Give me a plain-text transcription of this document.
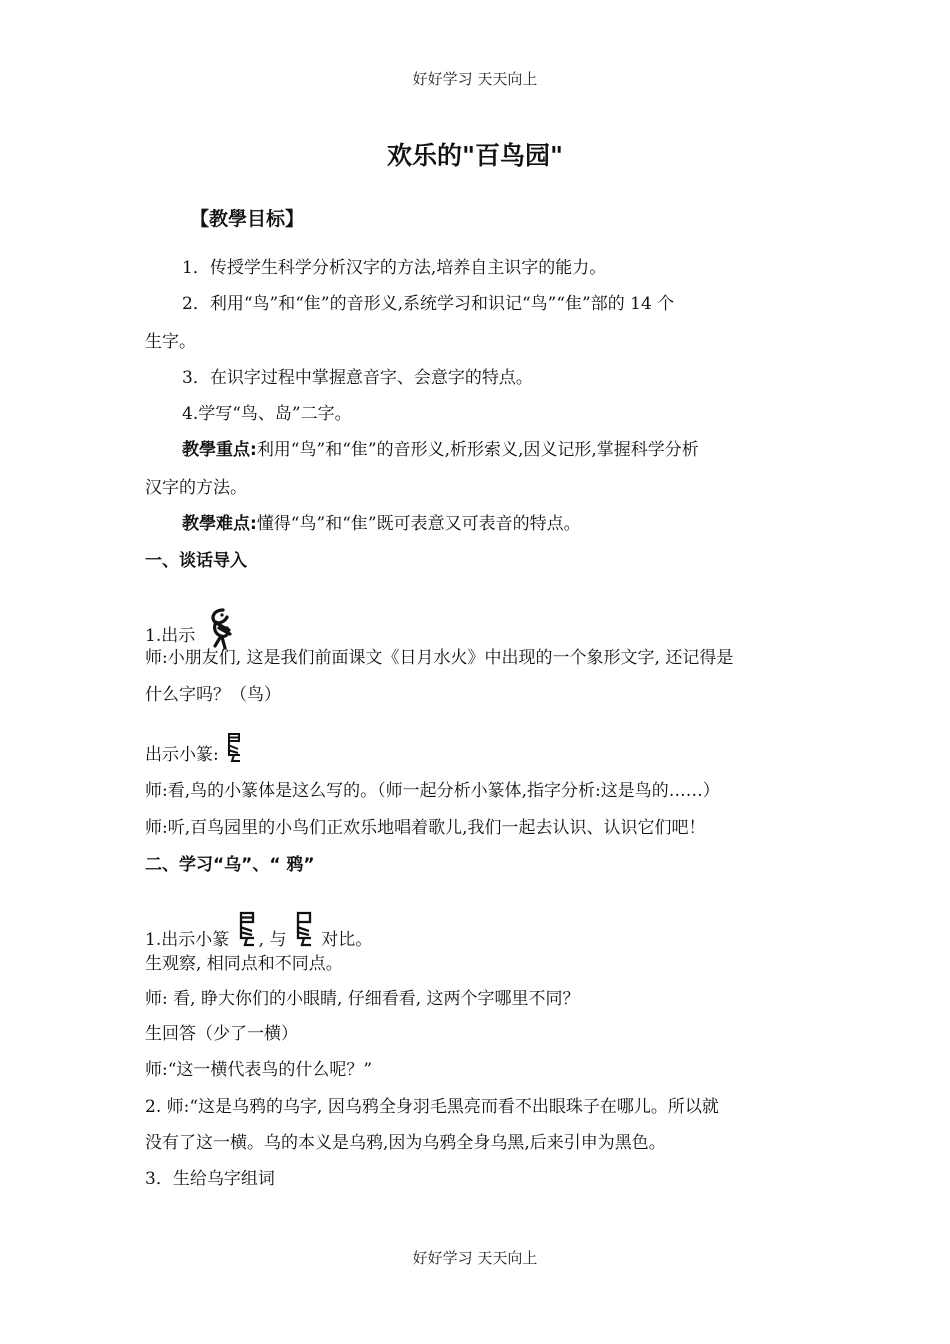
好好学习 天天向上
欢乐的"百鸟园"
【教學目标】
1．传授学生科学分析汉字的方法,培养自主识字的能力。
2．利用“鸟”和“隹”的音形义,系统学习和识记“鸟”“隹”部的 14 个
生字。
3．在识字过程中掌握意音字、会意字的特点。
4.学写“鸟、岛”二字。
教學重点:利用“鸟”和“隹”的音形义,析形索义,因义记形,掌握科学分析
汉字的方法。
教學难点:懂得“鸟”和“隹”既可表意又可表音的特点。
一、谈话导入
1.出示
师:小朋友们, 这是我们前面课文《日月水火》中出现的一个象形文字, 还记得是
什么字吗？（鸟）
出示小篆:
师:看,鸟的小篆体是这么写的。（师一起分析小篆体,指字分析:这是鸟的……）
师:听,百鸟园里的小鸟们正欢乐地唱着歌儿,我们一起去认识、认识它们吧！
二、学习“乌”、“ 鸦”
1.出示小篆 , 与 对比。
生观察, 相同点和不同点。
师: 看, 睁大你们的小眼睛, 仔细看看, 这两个字哪里不同？
生回答（少了一横）
师:“这一横代表鸟的什么呢？”
2. 师:“这是乌鸦的乌字, 因乌鸦全身羽毛黑亮而看不出眼珠子在哪儿。所以就
没有了这一横。乌的本义是乌鸦,因为乌鸦全身乌黑,后来引申为黑色。
3．生给乌字组词
好好学习 天天向上
